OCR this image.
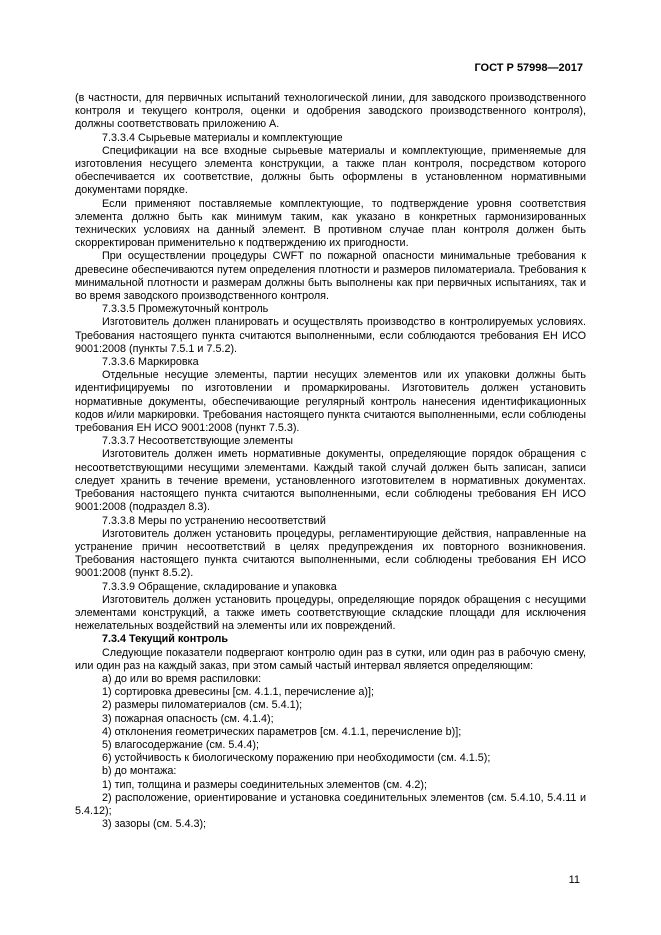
ГОСТ Р 57998—2017

(в частности, для первичных испытаний технологической линии, для заводского производственного контроля и текущего контроля, оценки и одобрения заводского производственного контроля), должны соответствовать приложению А.

7.3.3.4 Сырьевые материалы и комплектующие

Спецификации на все входные сырьевые материалы и комплектующие, применяемые для изготовления несущего элемента конструкции, а также план контроля, посредством которого обеспечивается их соответствие, должны быть оформлены в установленном нормативными документами порядке.

Если применяют поставляемые комплектующие, то подтверждение уровня соответствия элемента должно быть как минимум таким, как указано в конкретных гармонизированных технических условиях на данный элемент. В противном случае план контроля должен быть скорректирован применительно к подтверждению их пригодности.

При осуществлении процедуры CWFT по пожарной опасности минимальные требования к древесине обеспечиваются путем определения плотности и размеров пиломатериала. Требования к минимальной плотности и размерам должны быть выполнены как при первичных испытаниях, так и во время заводского производственного контроля.

7.3.3.5 Промежуточный контроль

Изготовитель должен планировать и осуществлять производство в контролируемых условиях. Требования настоящего пункта считаются выполненными, если соблюдаются требования ЕН ИСО 9001:2008 (пункты 7.5.1 и 7.5.2).

7.3.3.6 Маркировка

Отдельные несущие элементы, партии несущих элементов или их упаковки должны быть идентифицируемы по изготовлении и промаркированы. Изготовитель должен установить нормативные документы, обеспечивающие регулярный контроль нанесения идентификационных кодов и/или маркировки. Требования настоящего пункта считаются выполненными, если соблюдены требования ЕН ИСО 9001:2008 (пункт 7.5.3).

7.3.3.7 Несоответствующие элементы

Изготовитель должен иметь нормативные документы, определяющие порядок обращения с несоответствующими несущими элементами. Каждый такой случай должен быть записан, записи следует хранить в течение времени, установленного изготовителем в нормативных документах. Требования настоящего пункта считаются выполненными, если соблюдены требования ЕН ИСО 9001:2008 (подраздел 8.3).

7.3.3.8 Меры по устранению несоответствий

Изготовитель должен установить процедуры, регламентирующие действия, направленные на устранение причин несоответствий в целях предупреждения их повторного возникновения. Требования настоящего пункта считаются выполненными, если соблюдены требования ЕН ИСО 9001:2008 (пункт 8.5.2).

7.3.3.9 Обращение, складирование и упаковка

Изготовитель должен установить процедуры, определяющие порядок обращения с несущими элементами конструкций, а также иметь соответствующие складские площади для исключения нежелательных воздействий на элементы или их повреждений.

7.3.4 Текущий контроль

Следующие показатели подвергают контролю один раз в сутки, или один раз в рабочую смену, или один раз на каждый заказ, при этом самый частый интервал является определяющим:

а) до или во время распиловки:

1) сортировка древесины [см. 4.1.1, перечисление а)];

2) размеры пиломатериалов (см. 5.4.1);

3) пожарная опасность (см. 4.1.4);

4) отклонения геометрических параметров [см. 4.1.1, перечисление b)];

5) влагосодержание (см. 5.4.4);

6) устойчивость к биологическому поражению при необходимости (см. 4.1.5);

b) до монтажа:

1) тип, толщина и размеры соединительных элементов (см. 4.2);

2) расположение, ориентирование и установка соединительных элементов (см. 5.4.10, 5.4.11 и 5.4.12);

3) зазоры (см. 5.4.3);

11
